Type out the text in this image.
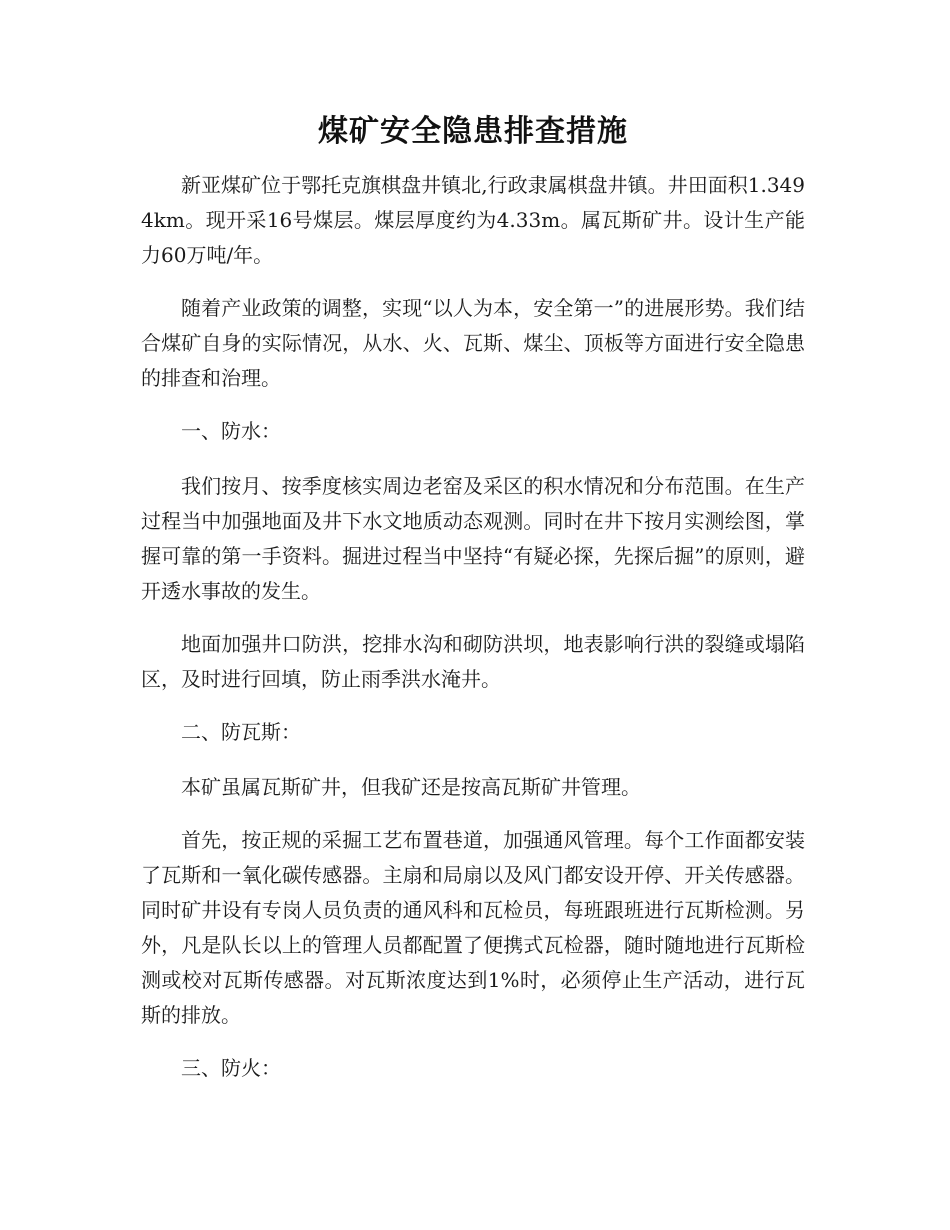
煤矿安全隐患排查措施

新亚煤矿位于鄂托克旗棋盘井镇北,行政隶属棋盘井镇。井田面积1.3494km。现开采16号煤层。煤层厚度约为4.33m。属瓦斯矿井。设计生产能力60万吨/年。

随着产业政策的调整，实现“以人为本，安全第一”的进展形势。我们结合煤矿自身的实际情况，从水、火、瓦斯、煤尘、顶板等方面进行安全隐患的排查和治理。

一、防水：

我们按月、按季度核实周边老窑及采区的积水情况和分布范围。在生产过程当中加强地面及井下水文地质动态观测。同时在井下按月实测绘图，掌握可靠的第一手资料。掘进过程当中坚持“有疑必探，先探后掘”的原则，避开透水事故的发生。

地面加强井口防洪，挖排水沟和砌防洪坝，地表影响行洪的裂缝或塌陷区，及时进行回填，防止雨季洪水淹井。

二、防瓦斯：

本矿虽属瓦斯矿井，但我矿还是按高瓦斯矿井管理。

首先，按正规的采掘工艺布置巷道，加强通风管理。每个工作面都安装了瓦斯和一氧化碳传感器。主扇和局扇以及风门都安设开停、开关传感器。同时矿井设有专岗人员负责的通风科和瓦检员，每班跟班进行瓦斯检测。另外，凡是队长以上的管理人员都配置了便携式瓦检器，随时随地进行瓦斯检测或校对瓦斯传感器。对瓦斯浓度达到1%时，必须停止生产活动，进行瓦斯的排放。

三、防火：
